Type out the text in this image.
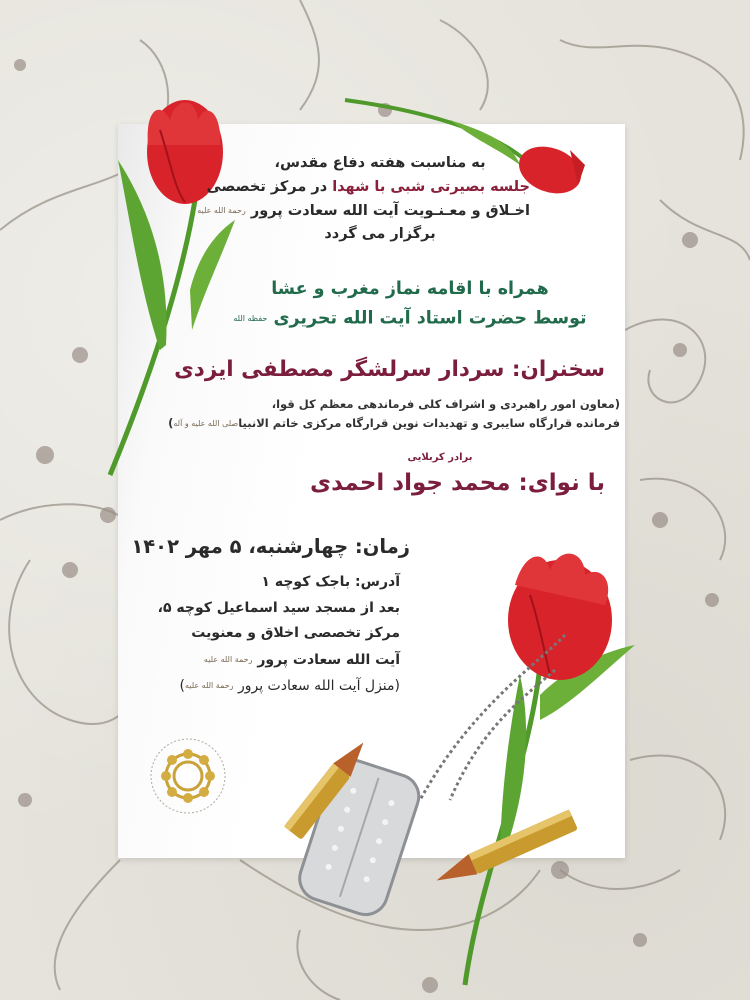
به مناسبت هفته دفاع مقدس،
جلسه بصیرتی شبی با شهدا در مرکز تخصصی
اخـلاق و معـنـویت آیت الله سعادت پرور رحمة الله علیه
برگزار می گردد
همراه با اقامه نماز مغرب و عشا
توسط حضرت استاد آیت الله تحریری حفظه الله
سخنران: سردار سرلشگر مصطفی ایزدی
(معاون امور راهبردی و اشراف کلی فرماندهی معظم کل قوا،
فرمانده قرارگاه سایبری و تهدیدات نوین قرارگاه مرکزی خاتم الانبیاصلی الله علیه و آله)
برادر کربلایی
با نوای: محمد جواد احمدی
زمان: چهارشنبه، ۵ مهر ۱۴۰۲
آدرس: باجک کوچه ۱
بعد از مسجد سید اسماعیل کوچه ۵،
مرکز تخصصی اخلاق و معنویت
آیت الله سعادت پرور رحمة الله علیه
(منزل آیت الله سعادت پرور رحمة الله علیه)
